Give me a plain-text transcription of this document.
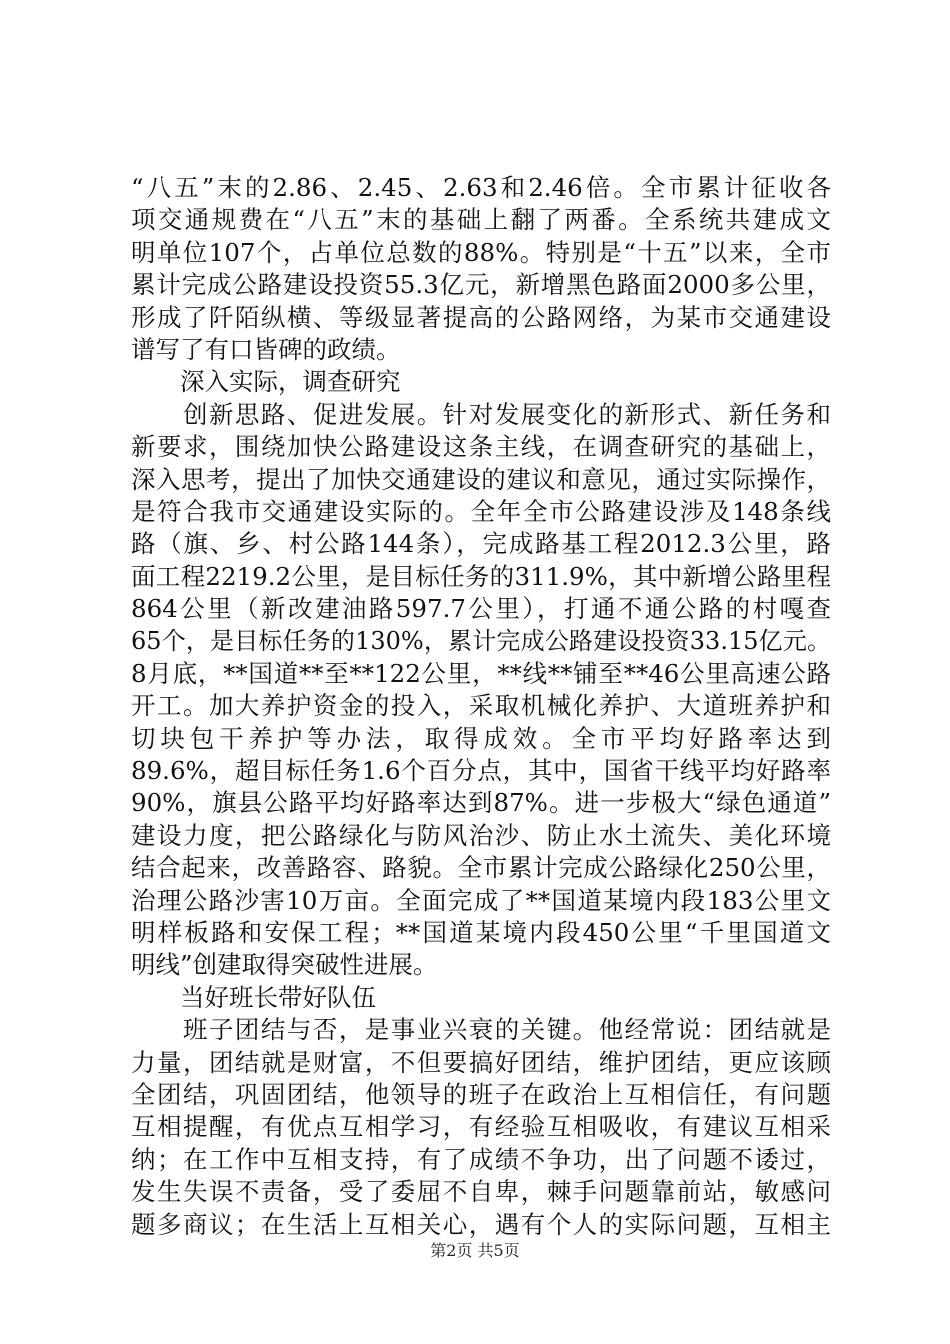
“八五”末的2.86、2.45、2.63和2.46倍。全市累计征收各
项交通规费在“八五”末的基础上翻了两番。全系统共建成文
明单位107个，占单位总数的88%。特别是“十五”以来，全市
累计完成公路建设投资55.3亿元，新增黑色路面2000多公里，
形成了阡陌纵横、等级显著提高的公路网络，为某市交通建设
谱写了有口皆碑的政绩。
深入实际，调查研究
　　创新思路、促进发展。针对发展变化的新形式、新任务和
新要求，围绕加快公路建设这条主线，在调查研究的基础上，
深入思考，提出了加快交通建设的建议和意见，通过实际操作，
是符合我市交通建设实际的。全年全市公路建设涉及148条线
路（旗、乡、村公路144条），完成路基工程2012.3公里，路
面工程2219.2公里，是目标任务的311.9%，其中新增公路里程
864公里（新改建油路597.7公里），打通不通公路的村嘎查
65个，是目标任务的130%，累计完成公路建设投资33.15亿元。
8月底，**国道**至**122公里，**线**铺至**46公里高速公路
开工。加大养护资金的投入，采取机械化养护、大道班养护和
切块包干养护等办法，取得成效。全市平均好路率达到
89.6%，超目标任务1.6个百分点，其中，国省干线平均好路率
90%，旗县公路平均好路率达到87%。进一步极大“绿色通道”
建设力度，把公路绿化与防风治沙、防止水土流失、美化环境
结合起来，改善路容、路貌。全市累计完成公路绿化250公里，
治理公路沙害10万亩。全面完成了**国道某境内段183公里文
明样板路和安保工程；**国道某境内段450公里“千里国道文
明线”创建取得突破性进展。
当好班长带好队伍
　　班子团结与否，是事业兴衰的关键。他经常说：团结就是
力量，团结就是财富，不但要搞好团结，维护团结，更应该顾
全团结，巩固团结，他领导的班子在政治上互相信任，有问题
互相提醒，有优点互相学习，有经验互相吸收，有建议互相采
纳；在工作中互相支持，有了成绩不争功，出了问题不诿过，
发生失误不责备，受了委屈不自卑，棘手问题靠前站，敏感问
题多商议；在生活上互相关心，遇有个人的实际问题，互相主
第2页 共5页
